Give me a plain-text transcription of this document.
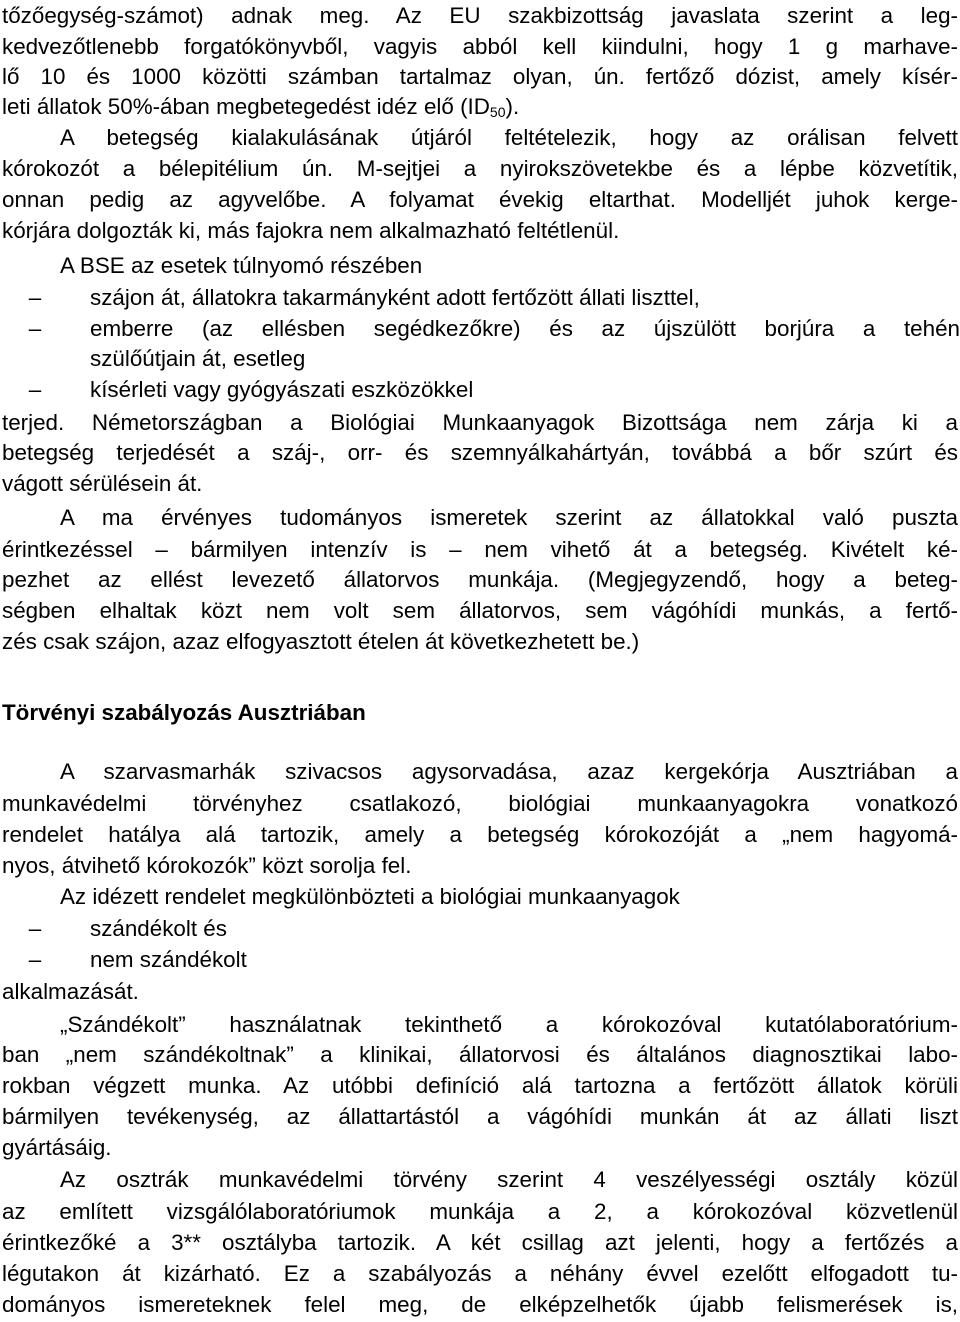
tőzőegység-számot) adnak meg. Az EU szakbizottság javaslata szerint a leg-
kedvezőtlenebb forgatókönyvből, vagyis abból kell kiindulni, hogy 1 g marhave-
lő 10 és 1000 közötti számban tartalmaz olyan, ún. fertőző dózist, amely kísér-
leti állatok 50%-ában megbetegedést idéz elő $(ID_{50})$.
A betegség kialakulásának útjáról feltételezik, hogy az orálisan felvett
kórokozót a bélepitélium ún. M-sejtjei a nyirokszövetekbe és a lépbe közvetítik,
onnan pedig az agyvelőbe. A folyamat évekig eltarthat. Modelljét juhok kerge-
kórjára dolgozták ki, más fajokra nem alkalmazható feltétlenül.
A BSE az esetek túlnyomó részében
–	szájon át, állatokra takarmányként adott fertőzött állati liszttel,
–	emberre (az ellésben segédkezőkre) és az újszülött borjúra a tehén
szülőútjain át, esetleg
–	kísérleti vagy gyógyászati eszközökkel
terjed. Németországban a Biológiai Munkaanyagok Bizottsága nem zárja ki a
betegség terjedését a száj-, orr- és szemnyálkahártyán, továbbá a bőr szúrt és
vágott sérülésein át.
A ma érvényes tudományos ismeretek szerint az állatokkal való puszta
érintkezéssel – bármilyen intenzív is – nem vihető át a betegség. Kivételt ké-
pezhet az ellést levezető állatorvos munkája. (Megjegyzendő, hogy a beteg-
ségben elhaltak közt nem volt sem állatorvos, sem vágóhídi munkás, a fertő-
zés csak szájon, azaz elfogyasztott ételen át következhetett be.)
Törvényi szabályozás Ausztriában
A szarvasmarhák szivacsos agysorvadása, azaz kergekórja Ausztriában a
munkavédelmi törvényhez csatlakozó, biológiai munkaanyagokra vonatkozó
rendelet hatálya alá tartozik, amely a betegség kórokozóját a „nem hagyomá-
nyos, átvihető kórokozók” közt sorolja fel.
Az idézett rendelet megkülönbözteti a biológiai munkaanyagok
–	szándékolt és
–	nem szándékolt
alkalmazását.
„Szándékolt” használatnak tekinthető a kórokozóval kutatólaboratórium-
ban „nem szándékoltnak” a klinikai, állatorvosi és általános diagnosztikai labo-
rokban végzett munka. Az utóbbi definíció alá tartozna a fertőzött állatok körüli
bármilyen tevékenység, az állattartástól a vágóhídi munkán át az állati liszt
gyártásáig.
Az osztrák munkavédelmi törvény szerint 4 veszélyességi osztály közül
az említett vizsgálólaboratóriumok munkája a 2, a kórokozóval közvetlenül
érintkezőké a 3** osztályba tartozik. A két csillag azt jelenti, hogy a fertőzés a
légutakon át kizárható. Ez a szabályozás a néhány évvel ezelőtt elfogadott tu-
dományos ismereteknek felel meg, de elképzelhetők újabb felismerések is,
